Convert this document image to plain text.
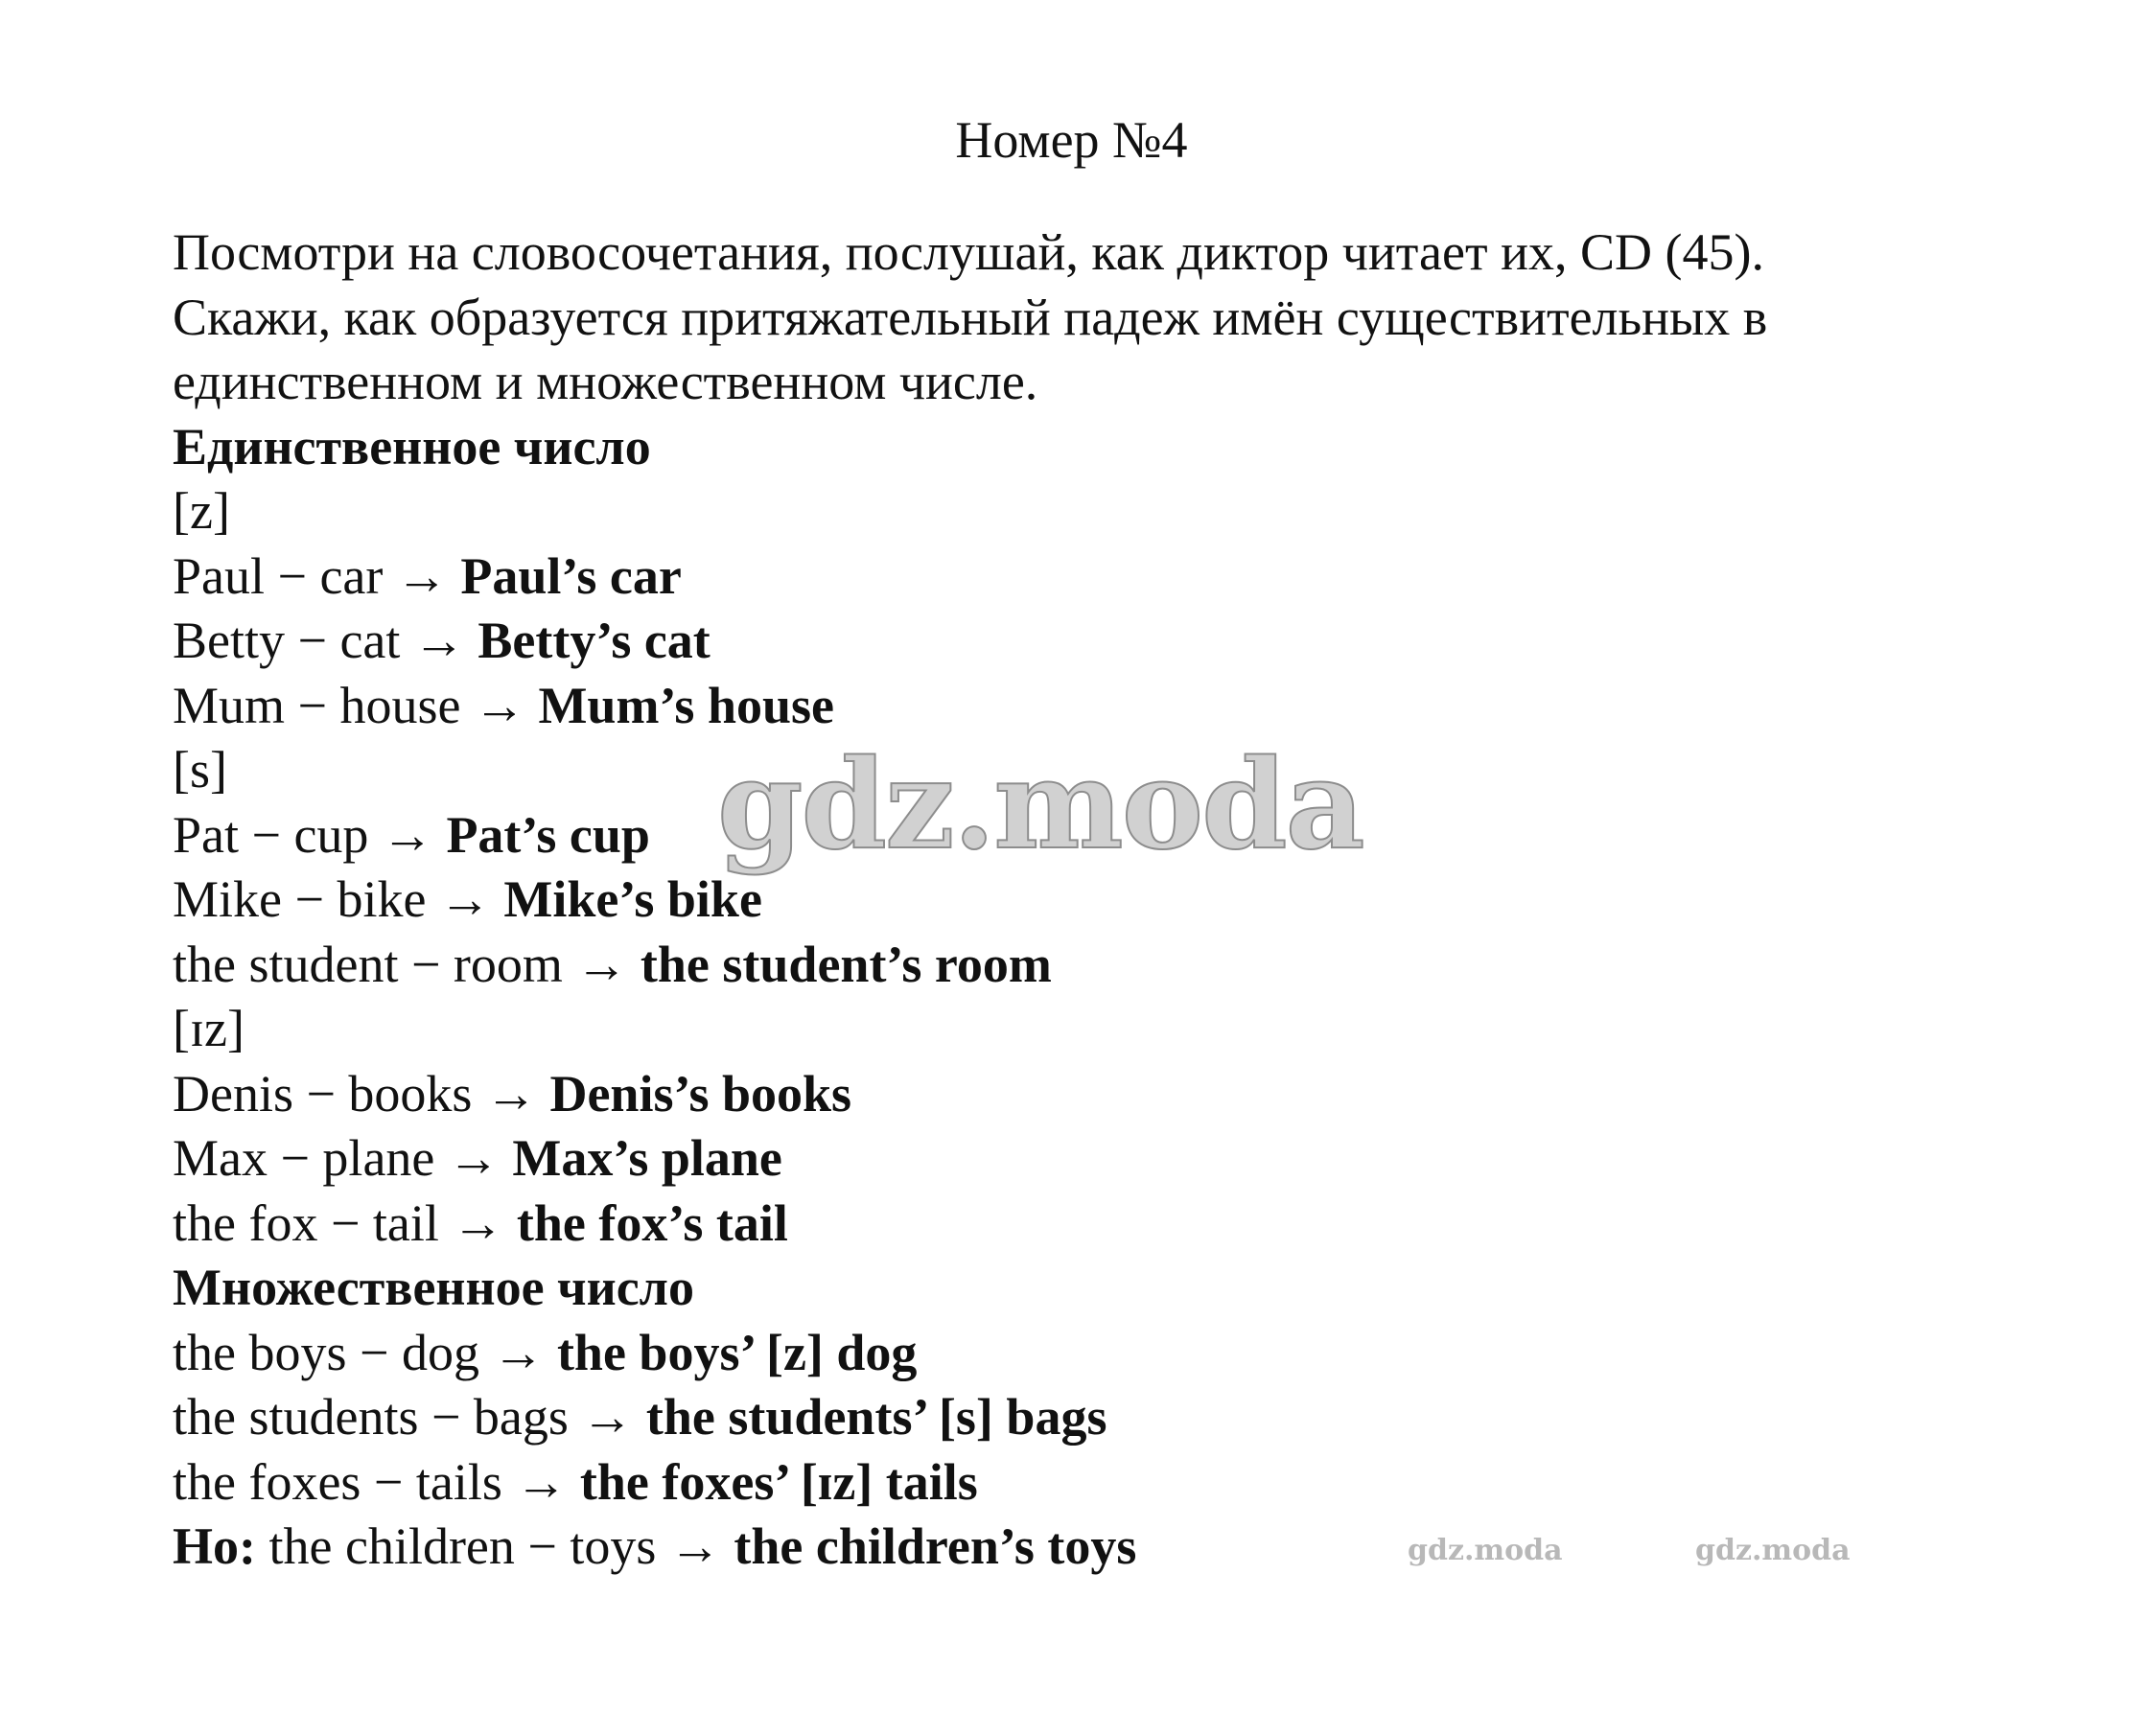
Номер №4
Посмотри на словосочетания, послушай, как диктор читает их, CD (45).
Скажи, как образуется притяжательный падеж имён существительных в
единственном и множественном числе.
Единственное число
[z]
Paul − car → Paul’s car
Betty − cat → Betty’s cat
Mum − house → Mum’s house
[s]
Pat − cup → Pat’s cup
Mike − bike → Mike’s bike
the student − room → the student’s room
[ɪz]
Denis − books → Denis’s books
Max − plane → Max’s plane
the fox − tail → the fox’s tail
Множественное число
the boys − dog → the boys’ [z] dog
the students − bags → the students’ [s] bags
the foxes − tails → the foxes’ [ɪz] tails
Но: the children − toys → the children’s toys
gdz.moda
gdz.moda	gdz.moda
